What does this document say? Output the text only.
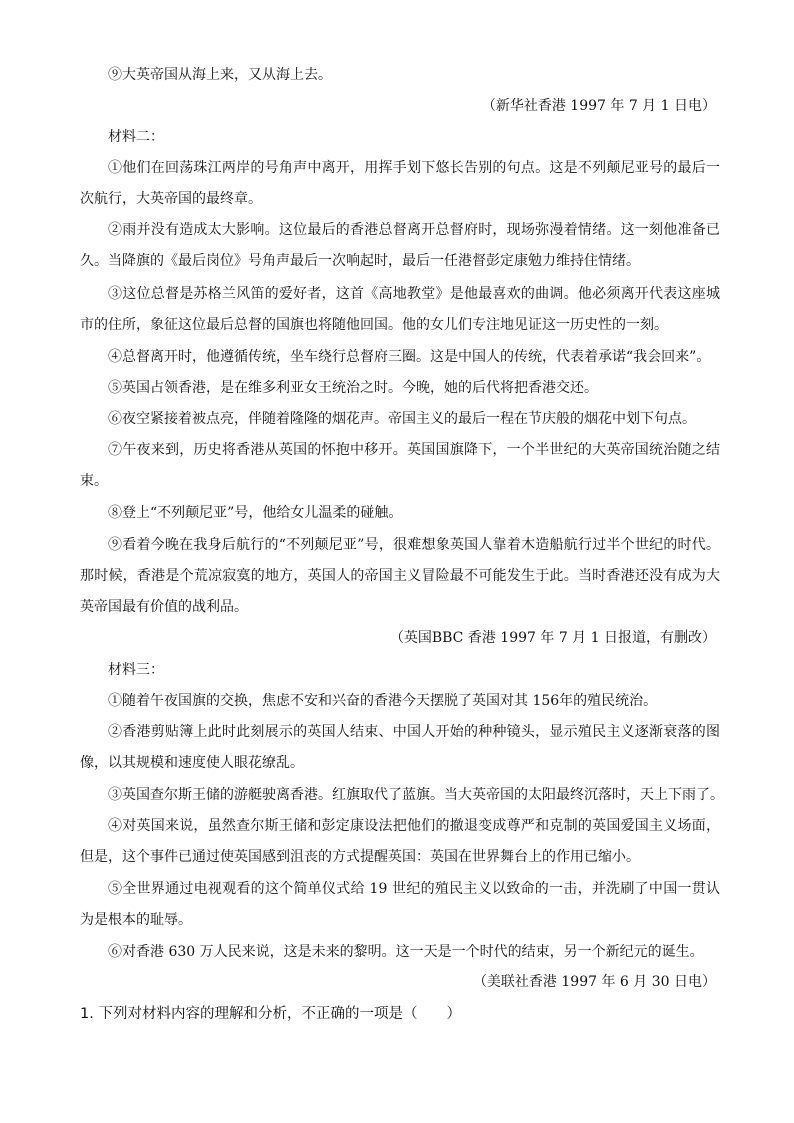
⑨大英帝国从海上来，又从海上去。
（新华社香港 1997 年 7 月 1 日电）
材料二：
①他们在回荡珠江两岸的号角声中离开，用挥手划下悠长告别的句点。这是不列颠尼亚号的最后一次航行，大英帝国的最终章。
②雨并没有造成太大影响。这位最后的香港总督离开总督府时，现场弥漫着情绪。这一刻他准备已久。当降旗的《最后岗位》号角声最后一次响起时，最后一任港督彭定康勉力维持住情绪。
③这位总督是苏格兰风笛的爱好者，这首《高地教堂》是他最喜欢的曲调。他必须离开代表这座城市的住所，象征这位最后总督的国旗也将随他回国。他的女儿们专注地见证这一历史性的一刻。
④总督离开时，他遵循传统，坐车绕行总督府三圈。这是中国人的传统，代表着承诺“我会回来”。
⑤英国占领香港，是在维多利亚女王统治之时。今晚，她的后代将把香港交还。
⑥夜空紧接着被点亮，伴随着隆隆的烟花声。帝国主义的最后一程在节庆般的烟花中划下句点。
⑦午夜来到，历史将香港从英国的怀抱中移开。英国国旗降下，一个半世纪的大英帝国统治随之结束。
⑧登上“不列颠尼亚”号，他给女儿温柔的碰触。
⑨看着今晚在我身后航行的“不列颠尼亚”号，很难想象英国人靠着木造船航行过半个世纪的时代。那时候，香港是个荒凉寂寞的地方，英国人的帝国主义冒险最不可能发生于此。当时香港还没有成为大英帝国最有价值的战利品。
（英国BBC 香港 1997 年 7 月 1 日报道，有删改）
材料三：
①随着午夜国旗的交换，焦虑不安和兴奋的香港今天摆脱了英国对其 156年的殖民统治。
②香港剪贴簿上此时此刻展示的英国人结束、中国人开始的种种镜头，显示殖民主义逐渐衰落的图像，以其规模和速度使人眼花缭乱。
③英国查尔斯王储的游艇驶离香港。红旗取代了蓝旗。当大英帝国的太阳最终沉落时，天上下雨了。
④对英国来说，虽然查尔斯王储和彭定康设法把他们的撤退变成尊严和克制的英国爱国主义场面，但是，这个事件已通过使英国感到沮丧的方式提醒英国：英国在世界舞台上的作用已缩小。
⑤全世界通过电视观看的这个简单仪式给 19 世纪的殖民主义以致命的一击，并洗刷了中国一贯认为是根本的耻辱。
⑥对香港 630 万人民来说，这是未来的黎明。这一天是一个时代的结束，另一个新纪元的诞生。
（美联社香港 1997 年 6 月 30 日电）
1. 下列对材料内容的理解和分析，不正确的一项是（　　）
